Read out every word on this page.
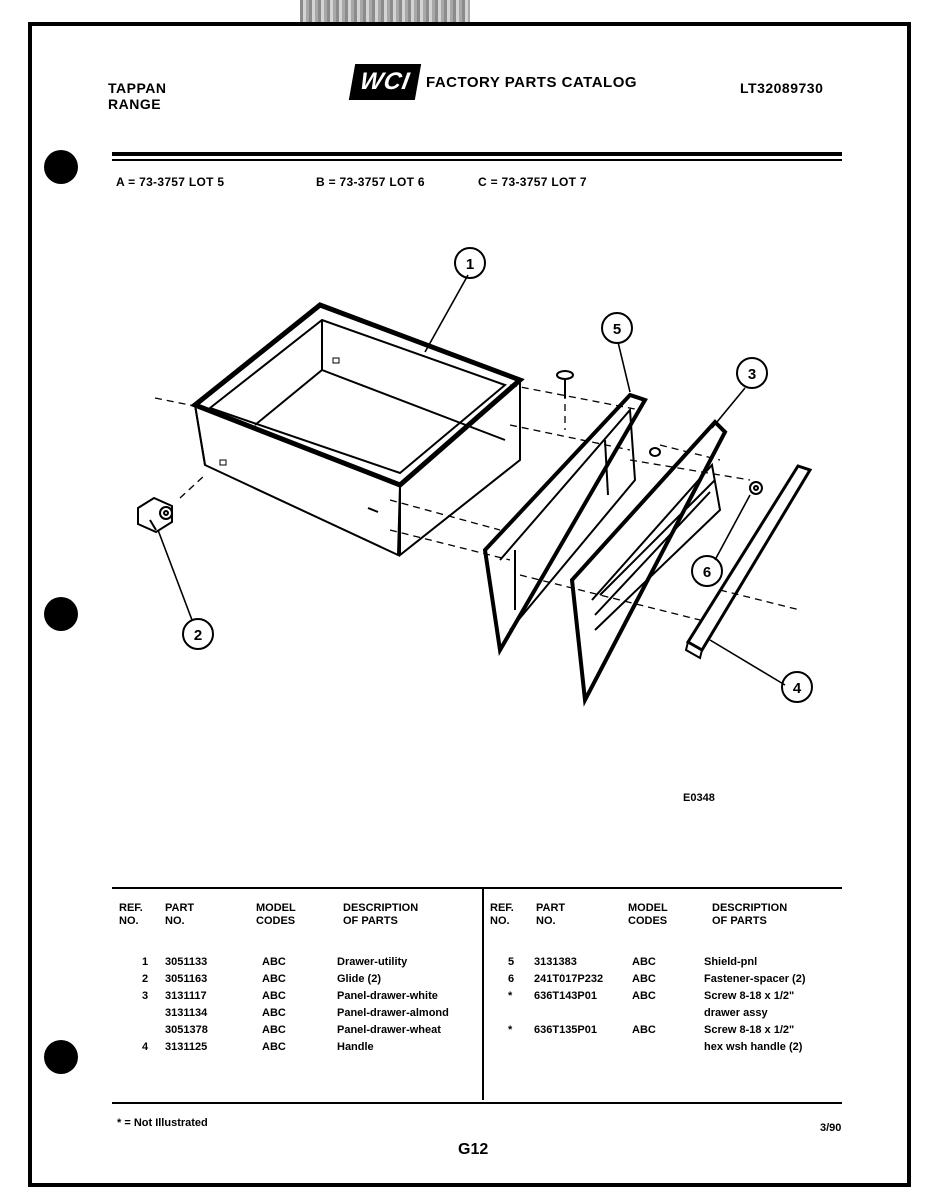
TAPPAN
RANGE
WCI FACTORY PARTS CATALOG	LT32089730
A = 73-3757 LOT 5	B = 73-3757 LOT 6	C = 73-3757 LOT 7
1
2
3
4
5
6
E0348
REF.
NO.
PART
NO.
MODEL
CODES
DESCRIPTION
OF PARTS
REF.
NO.
PART
NO.
MODEL
CODES
DESCRIPTION
OF PARTS
1 3051133	ABC	Drawer-utility
2 3051163	ABC	Glide (2)
3 3131117	ABC	Panel-drawer-white
3131134	ABC	Panel-drawer-almond
3051378	ABC	Panel-drawer-wheat
4 3131125	ABC	Handle
5 3131383	ABC	Shield-pnl
6 241T017P232	ABC	Fastener-spacer (2)
* 636T143P01	ABC	Screw 8-18 x 1/2"
drawer assy
* 636T135P01	ABC	Screw 8-18 x 1/2"
hex wsh handle (2)
* = Not Illustrated
G12
3/90
